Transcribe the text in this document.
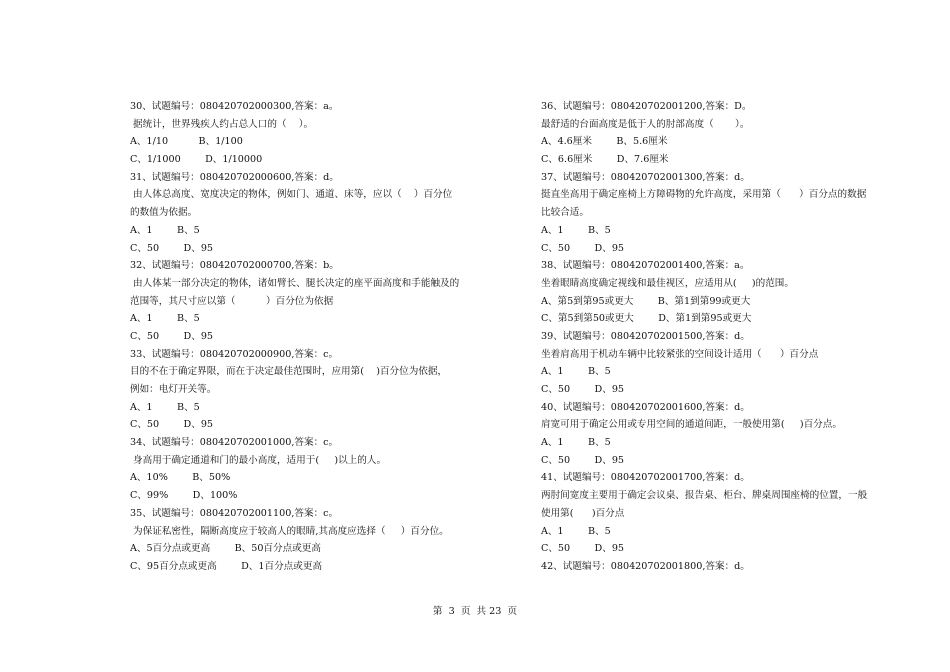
30、试题编号：080420702000300,答案：a。
据统计，世界残疾人约占总人口的（    ）。
A、1/10          B、1/100
C、1/1000        D、1/10000
31、试题编号：080420702000600,答案：d。
由人体总高度、宽度决定的物体，例如门、通道、床等，应以（    ）百分位
的数值为依据。
A、1        B、5
C、50        D、95
32、试题编号：080420702000700,答案：b。
由人体某一部分决定的物体，诸如臂长、腿长决定的座平面高度和手能触及的
范围等，其尺寸应以第（          ）百分位为依据
A、1        B、5
C、50        D、95
33、试题编号：080420702000900,答案：c。
目的不在于确定界限，而在于决定最佳范围时，应用第(    )百分位为依据，
例如：电灯开关等。
A、1        B、5
C、50        D、95
34、试题编号：080420702001000,答案：c。
身高用于确定通道和门的最小高度，适用于(     )以上的人。
A、10%        B、50%
C、99%        D、100%
35、试题编号：080420702001100,答案：c。
为保证私密性，隔断高度应于较高人的眼睛,其高度应选择（     ）百分位。
A、5百分点或更高        B、50百分点或更高
C、95百分点或更高        D、1百分点或更高
36、试题编号：080420702001200,答案：D。
最舒适的台面高度是低于人的肘部高度（       ）。
A、4.6厘米        B、5.6厘米
C、6.6厘米        D、7.6厘米
37、试题编号：080420702001300,答案：d。
挺直坐高用于确定座椅上方障碍物的允许高度，采用第（      ）百分点的数据
比较合适。
A、1        B、5
C、50        D、95
38、试题编号：080420702001400,答案：a。
坐着眼睛高度确定视线和最佳视区，应适用从(     )的范围。
A、第5到第95或更大        B、第1到第99或更大
C、第5到第50或更大        D、第1到第95或更大
39、试题编号：080420702001500,答案：d。
坐着肩高用于机动车辆中比较紧张的空间设计适用（      ）百分点
A、1        B、5
C、50        D、95
40、试题编号：080420702001600,答案：d。
肩宽可用于确定公用或专用空间的通道间距，一般使用第(     )百分点。
A、1        B、5
C、50        D、95
41、试题编号：080420702001700,答案：d。
两肘间宽度主要用于确定会议桌、报告桌、柜台、牌桌周围座椅的位置，一般
使用第(      )百分点
A、1        B、5
C、50        D、95
42、试题编号：080420702001800,答案：d。
第  3  页  共 23  页
